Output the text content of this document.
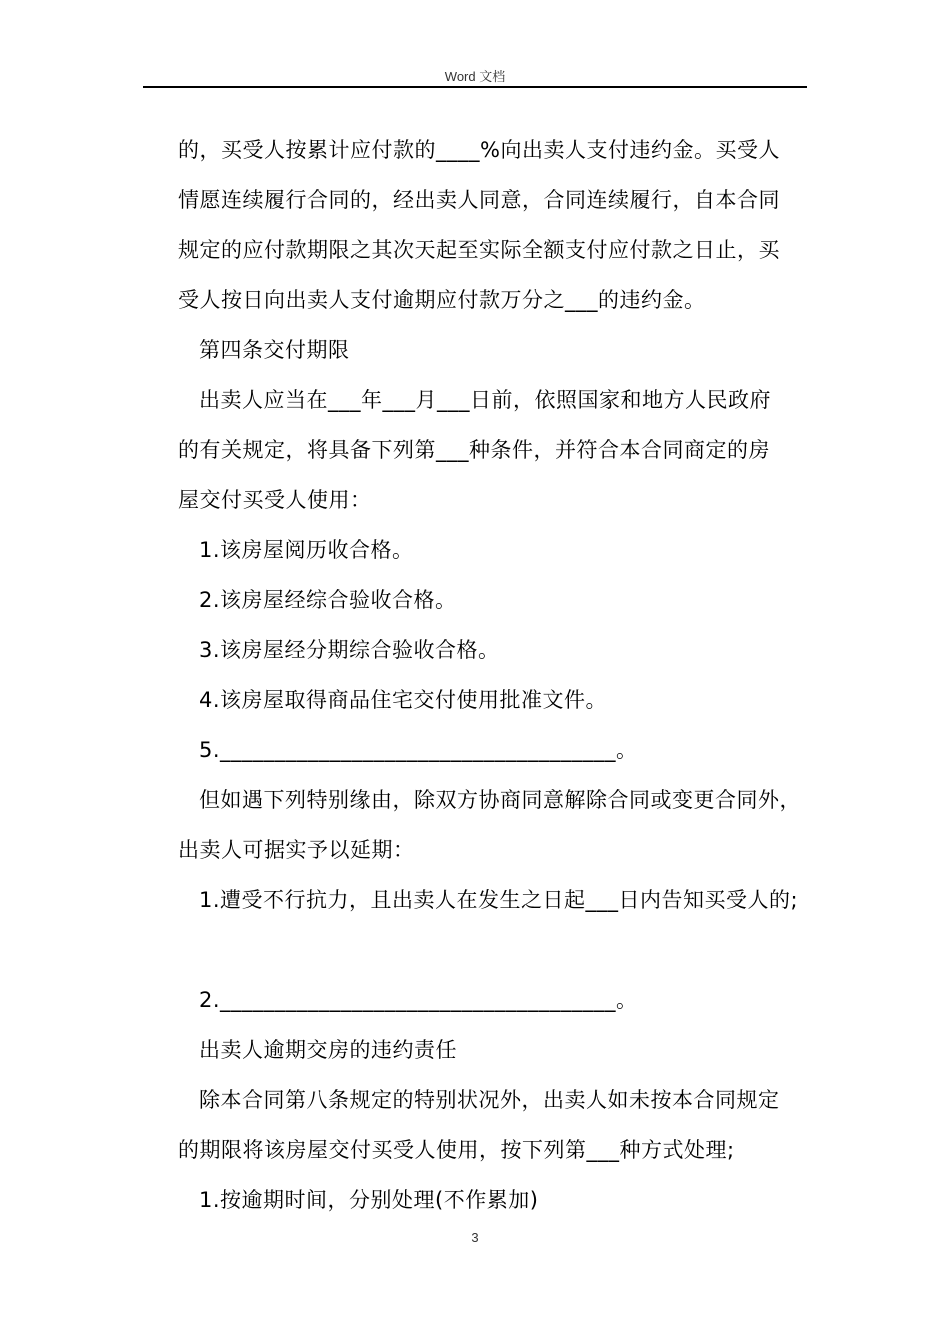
Word 文档

的，买受人按累计应付款的____%向出卖人支付违约金。买受人

情愿连续履行合同的，经出卖人同意，合同连续履行，自本合同

规定的应付款期限之其次天起至实际全额支付应付款之日止，买

受人按日向出卖人支付逾期应付款万分之___的违约金。

第四条交付期限

出卖人应当在___年___月___日前，依照国家和地方人民政府

的有关规定，将具备下列第___种条件，并符合本合同商定的房

屋交付买受人使用：

1.该房屋阅历收合格。

2.该房屋经综合验收合格。

3.该房屋经分期综合验收合格。

4.该房屋取得商品住宅交付使用批准文件。

5.____________________________________。

但如遇下列特别缘由，除双方协商同意解除合同或变更合同外，

出卖人可据实予以延期：

1.遭受不行抗力，且出卖人在发生之日起___日内告知买受人的;

2.____________________________________。

出卖人逾期交房的违约责任

除本合同第八条规定的特别状况外，出卖人如未按本合同规定

的期限将该房屋交付买受人使用，按下列第___种方式处理;

1.按逾期时间，分别处理(不作累加)

3
